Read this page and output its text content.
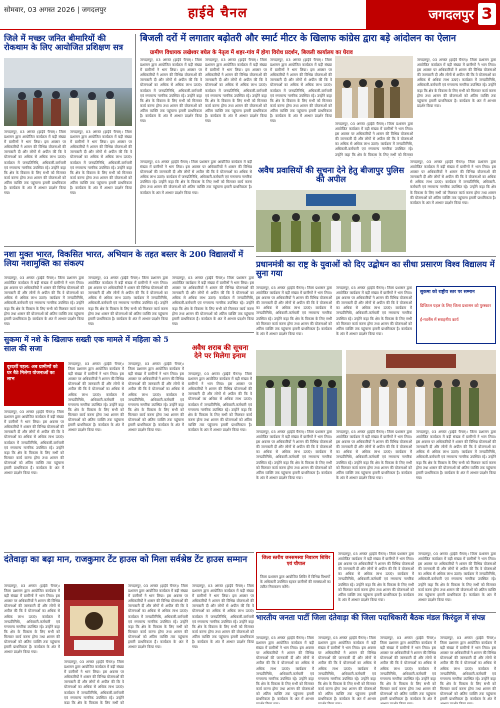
सोमवार, 03 अगस्त 2026 | जगदलपुर	हाईवे चैनल	जगदलपुर 3
जिले में मच्छर जनित बीमारियों की रोकथाम के लिए आयोजित प्रशिक्षण सत्र
जगदलपुर, 03 अगस्त (हाईवे चैनल)। जिला प्रशासन द्वारा आयोजित कार्यक्रम में बड़ी संख्या में ग्रामीणों ने भाग लिया। इस अवसर पर अधिकारियों ने शासन की विभिन्न योजनाओं की जानकारी दी और लोगों से अपील की कि वे योजनाओं का अधिक से अधिक लाभ उठाएं। कार्यक्रम में जनप्रतिनिधि, अधिकारी-कर्मचारी एवं गणमान्य नागरिक उपस्थित रहे। उन्होंने कहा कि क्षेत्र के विकास के लिए सभी को मिलकर कार्य करना होगा तथा शासन की योजनाओं को अंतिम व्यक्ति तक पहुंचाना हमारी प्राथमिकता है। कार्यक्रम के अंत में आभार प्रदर्शन किया गया।
जगदलपुर, 03 अगस्त (हाईवे चैनल)। जिला प्रशासन द्वारा आयोजित कार्यक्रम में बड़ी संख्या में ग्रामीणों ने भाग लिया। इस अवसर पर अधिकारियों ने शासन की विभिन्न योजनाओं की जानकारी दी और लोगों से अपील की कि वे योजनाओं का अधिक से अधिक लाभ उठाएं। कार्यक्रम में जनप्रतिनिधि, अधिकारी-कर्मचारी एवं गणमान्य नागरिक उपस्थित रहे। उन्होंने कहा कि क्षेत्र के विकास के लिए सभी को मिलकर कार्य करना होगा तथा शासन की योजनाओं को अंतिम व्यक्ति तक पहुंचाना हमारी प्राथमिकता है। कार्यक्रम के अंत में आभार प्रदर्शन किया गया।
बिजली दरों में लगातार बढ़ोतरी और स्मार्ट मीटर के खिलाफ कांग्रेस द्वारा बड़े आंदोलन का ऐलान
ग्रामीण विधायक लखेश्वर बघेल के नेतृत्व में शहर-गांव में होगा विरोध प्रदर्शन, बिजली कार्यालय का घेराव
जगदलपुर, 03 अगस्त (हाईवे चैनल)। जिला प्रशासन द्वारा आयोजित कार्यक्रम में बड़ी संख्या में ग्रामीणों ने भाग लिया। इस अवसर पर अधिकारियों ने शासन की विभिन्न योजनाओं की जानकारी दी और लोगों से अपील की कि वे योजनाओं का अधिक से अधिक लाभ उठाएं। कार्यक्रम में जनप्रतिनिधि, अधिकारी-कर्मचारी एवं गणमान्य नागरिक उपस्थित रहे। उन्होंने कहा कि क्षेत्र के विकास के लिए सभी को मिलकर कार्य करना होगा तथा शासन की योजनाओं को अंतिम व्यक्ति तक पहुंचाना हमारी प्राथमिकता है। कार्यक्रम के अंत में आभार प्रदर्शन किया गया।
जगदलपुर, 03 अगस्त (हाईवे चैनल)। जिला प्रशासन द्वारा आयोजित कार्यक्रम में बड़ी संख्या में ग्रामीणों ने भाग लिया। इस अवसर पर अधिकारियों ने शासन की विभिन्न योजनाओं की जानकारी दी और लोगों से अपील की कि वे योजनाओं का अधिक से अधिक लाभ उठाएं। कार्यक्रम में जनप्रतिनिधि, अधिकारी-कर्मचारी एवं गणमान्य नागरिक उपस्थित रहे। उन्होंने कहा कि क्षेत्र के विकास के लिए सभी को मिलकर कार्य करना होगा तथा शासन की योजनाओं को अंतिम व्यक्ति तक पहुंचाना हमारी प्राथमिकता है। कार्यक्रम के अंत में आभार प्रदर्शन किया गया।
जगदलपुर, 03 अगस्त (हाईवे चैनल)। जिला प्रशासन द्वारा आयोजित कार्यक्रम में बड़ी संख्या में ग्रामीणों ने भाग लिया। इस अवसर पर अधिकारियों ने शासन की विभिन्न योजनाओं की जानकारी दी और लोगों से अपील की कि वे योजनाओं का अधिक से अधिक लाभ उठाएं। कार्यक्रम में जनप्रतिनिधि, अधिकारी-कर्मचारी एवं गणमान्य नागरिक उपस्थित रहे। उन्होंने कहा कि क्षेत्र के विकास के लिए सभी को मिलकर कार्य करना होगा तथा शासन की योजनाओं को अंतिम व्यक्ति तक पहुंचाना हमारी प्राथमिकता है। कार्यक्रम के अंत में आभार प्रदर्शन किया गया।
जगदलपुर, 03 अगस्त (हाईवे चैनल)। जिला प्रशासन द्वारा आयोजित कार्यक्रम में बड़ी संख्या में ग्रामीणों ने भाग लिया। इस अवसर पर अधिकारियों ने शासन की विभिन्न योजनाओं की जानकारी दी और लोगों से अपील की कि वे योजनाओं का अधिक से अधिक लाभ उठाएं। कार्यक्रम में जनप्रतिनिधि, अधिकारी-कर्मचारी एवं गणमान्य नागरिक उपस्थित रहे। उन्होंने कहा कि क्षेत्र के विकास के लिए सभी को मिलकर कार्य करना होगा तथा शासन की योजनाओं को अंतिम व्यक्ति तक पहुंचाना हमारी प्राथमिकता है। कार्यक्रम के अंत में आभार प्रदर्शन किया गया।
जगदलपुर, 03 अगस्त (हाईवे चैनल)। जिला प्रशासन द्वारा आयोजित कार्यक्रम में बड़ी संख्या में ग्रामीणों ने भाग लिया। इस अवसर पर अधिकारियों ने शासन की विभिन्न योजनाओं की जानकारी दी और लोगों से अपील की कि वे योजनाओं का अधिक से अधिक लाभ उठाएं। कार्यक्रम में जनप्रतिनिधि, अधिकारी-कर्मचारी एवं गणमान्य नागरिक उपस्थित रहे। उन्होंने कहा कि क्षेत्र के विकास के लिए सभी को मिलकर
अवैध प्रवासियों की सूचना देने हेतु बीजापुर पुलिस की अपील
जगदलपुर, 03 अगस्त (हाईवे चैनल)। जिला प्रशासन द्वारा आयोजित कार्यक्रम में बड़ी संख्या में ग्रामीणों ने भाग लिया। इस अवसर पर अधिकारियों ने शासन की विभिन्न योजनाओं की जानकारी दी और लोगों से अपील की कि वे योजनाओं का अधिक से अधिक लाभ उठाएं। कार्यक्रम में जनप्रतिनिधि, अधिकारी-कर्मचारी एवं गणमान्य नागरिक उपस्थित रहे। उन्होंने कहा कि क्षेत्र के विकास के लिए सभी को मिलकर कार्य करना होगा तथा शासन की योजनाओं को अंतिम व्यक्ति तक पहुंचाना हमारी प्राथमिकता है। कार्यक्रम के अंत में आभार प्रदर्शन किया गया।
जगदलपुर, 03 अगस्त (हाईवे चैनल)। जिला प्रशासन द्वारा आयोजित कार्यक्रम में बड़ी संख्या में ग्रामीणों ने भाग लिया। इस अवसर पर अधिकारियों ने शासन की विभिन्न योजनाओं की जानकारी दी और लोगों से अपील की कि वे योजनाओं का अधिक से अधिक लाभ उठाएं। कार्यक्रम में जनप्रतिनिधि, अधिकारी-कर्मचारी एवं गणमान्य नागरिक उपस्थित रहे। उन्होंने कहा कि क्षेत्र के विकास के लिए सभी को मिलकर कार्य करना होगा तथा शासन की योजनाओं को अंतिम व्यक्ति तक पहुंचाना हमारी प्राथमिकता है। कार्यक्रम के अंत में आभार प्रदर्शन किया गया।
नशा मुक्त भारत, विकसित भारत, अभियान के तहत बस्तर के 200 विद्यालयों में लिया नशामुक्ति का संकल्प
जगदलपुर, 03 अगस्त (हाईवे चैनल)। जिला प्रशासन द्वारा आयोजित कार्यक्रम में बड़ी संख्या में ग्रामीणों ने भाग लिया। इस अवसर पर अधिकारियों ने शासन की विभिन्न योजनाओं की जानकारी दी और लोगों से अपील की कि वे योजनाओं का अधिक से अधिक लाभ उठाएं। कार्यक्रम में जनप्रतिनिधि, अधिकारी-कर्मचारी एवं गणमान्य नागरिक उपस्थित रहे। उन्होंने कहा कि क्षेत्र के विकास के लिए सभी को मिलकर कार्य करना होगा तथा शासन की योजनाओं को अंतिम व्यक्ति तक पहुंचाना हमारी प्राथमिकता है। कार्यक्रम के अंत में आभार प्रदर्शन किया गया।
जगदलपुर, 03 अगस्त (हाईवे चैनल)। जिला प्रशासन द्वारा आयोजित कार्यक्रम में बड़ी संख्या में ग्रामीणों ने भाग लिया। इस अवसर पर अधिकारियों ने शासन की विभिन्न योजनाओं की जानकारी दी और लोगों से अपील की कि वे योजनाओं का अधिक से अधिक लाभ उठाएं। कार्यक्रम में जनप्रतिनिधि, अधिकारी-कर्मचारी एवं गणमान्य नागरिक उपस्थित रहे। उन्होंने कहा कि क्षेत्र के विकास के लिए सभी को मिलकर कार्य करना होगा तथा शासन की योजनाओं को अंतिम व्यक्ति तक पहुंचाना हमारी प्राथमिकता है। कार्यक्रम के अंत में आभार प्रदर्शन किया गया।
जगदलपुर, 03 अगस्त (हाईवे चैनल)। जिला प्रशासन द्वारा आयोजित कार्यक्रम में बड़ी संख्या में ग्रामीणों ने भाग लिया। इस अवसर पर अधिकारियों ने शासन की विभिन्न योजनाओं की जानकारी दी और लोगों से अपील की कि वे योजनाओं का अधिक से अधिक लाभ उठाएं। कार्यक्रम में जनप्रतिनिधि, अधिकारी-कर्मचारी एवं गणमान्य नागरिक उपस्थित रहे। उन्होंने कहा कि क्षेत्र के विकास के लिए सभी को मिलकर कार्य करना होगा तथा शासन की योजनाओं को अंतिम व्यक्ति तक पहुंचाना हमारी प्राथमिकता है। कार्यक्रम के अंत में आभार प्रदर्शन किया गया।
प्रधानमंत्री का राष्ट्र के युवाओं को दिए उद्बोधन का सीधा प्रसारण विश्व विद्यालय में सुना गया
जगदलपुर, 03 अगस्त (हाईवे चैनल)। जिला प्रशासन द्वारा आयोजित कार्यक्रम में बड़ी संख्या में ग्रामीणों ने भाग लिया। इस अवसर पर अधिकारियों ने शासन की विभिन्न योजनाओं की जानकारी दी और लोगों से अपील की कि वे योजनाओं का अधिक से अधिक लाभ उठाएं। कार्यक्रम में जनप्रतिनिधि, अधिकारी-कर्मचारी एवं गणमान्य नागरिक उपस्थित रहे। उन्होंने कहा कि क्षेत्र के विकास के लिए सभी को मिलकर कार्य करना होगा तथा शासन की योजनाओं को अंतिम व्यक्ति तक पहुंचाना हमारी प्राथमिकता है। कार्यक्रम के अंत में आभार प्रदर्शन किया गया।
जगदलपुर, 03 अगस्त (हाईवे चैनल)। जिला प्रशासन द्वारा आयोजित कार्यक्रम में बड़ी संख्या में ग्रामीणों ने भाग लिया। इस अवसर पर अधिकारियों ने शासन की विभिन्न योजनाओं की जानकारी दी और लोगों से अपील की कि वे योजनाओं का अधिक से अधिक लाभ उठाएं। कार्यक्रम में जनप्रतिनिधि, अधिकारी-कर्मचारी एवं गणमान्य नागरिक उपस्थित रहे। उन्होंने कहा कि क्षेत्र के विकास के लिए सभी को मिलकर कार्य करना होगा तथा शासन की योजनाओं को अंतिम व्यक्ति तक पहुंचाना हमारी प्राथमिकता है। कार्यक्रम के अंत में आभार प्रदर्शन किया गया।
सुकमा को राष्ट्रीय स्तर पर सम्मान
डिजिटल पहल के लिए जिला प्रशासन को पुरस्कार
ई-गवर्नेंस में सराहनीय कार्य
जगदलपुर, 03 अगस्त (हाईवे चैनल)। जिला प्रशासन द्वारा आयोजित कार्यक्रम में बड़ी संख्या में ग्रामीणों ने भाग लिया। इस अवसर पर अधिकारियों ने शासन की विभिन्न योजनाओं की जानकारी दी और लोगों से अपील की कि वे योजनाओं का अधिक से अधिक लाभ उठाएं। कार्यक्रम में जनप्रतिनिधि, अधिकारी-कर्मचारी एवं गणमान्य नागरिक उपस्थित रहे। उन्होंने कहा कि क्षेत्र के विकास के लिए सभी को मिलकर कार्य करना होगा तथा शासन की योजनाओं को अंतिम व्यक्ति तक पहुंचाना हमारी प्राथमिकता है। कार्यक्रम के अंत में आभार प्रदर्शन किया गया।
जगदलपुर, 03 अगस्त (हाईवे चैनल)। जिला प्रशासन द्वारा आयोजित कार्यक्रम में बड़ी संख्या में ग्रामीणों ने भाग लिया। इस अवसर पर अधिकारियों ने शासन की विभिन्न योजनाओं की जानकारी दी और लोगों से अपील की कि वे योजनाओं का अधिक से अधिक लाभ उठाएं। कार्यक्रम में जनप्रतिनिधि, अधिकारी-कर्मचारी एवं गणमान्य नागरिक उपस्थित रहे। उन्होंने कहा कि क्षेत्र के विकास के लिए सभी को मिलकर कार्य करना होगा तथा शासन की योजनाओं को अंतिम व्यक्ति तक पहुंचाना हमारी प्राथमिकता है। कार्यक्रम के अंत में आभार प्रदर्शन किया गया।
जगदलपुर, 03 अगस्त (हाईवे चैनल)। जिला प्रशासन द्वारा आयोजित कार्यक्रम में बड़ी संख्या में ग्रामीणों ने भाग लिया। इस अवसर पर अधिकारियों ने शासन की विभिन्न योजनाओं की जानकारी दी और लोगों से अपील की कि वे योजनाओं का अधिक से अधिक लाभ उठाएं। कार्यक्रम में जनप्रतिनिधि, अधिकारी-कर्मचारी एवं गणमान्य नागरिक उपस्थित रहे। उन्होंने कहा कि क्षेत्र के विकास के लिए सभी को मिलकर कार्य करना होगा तथा शासन की योजनाओं को अंतिम व्यक्ति तक पहुंचाना हमारी प्राथमिकता है। कार्यक्रम के अंत में आभार प्रदर्शन किया गया।
सुकमा में नशे के खिलाफ सख्ती एक मामले में महिला को 5 साल की सजा
दूरदर्शी पहल: अब ग्रामीणों को घर बैठे मिलेगा योजनाओं का लाभ
जगदलपुर, 03 अगस्त (हाईवे चैनल)। जिला प्रशासन द्वारा आयोजित कार्यक्रम में बड़ी संख्या में ग्रामीणों ने भाग लिया। इस अवसर पर अधिकारियों ने शासन की विभिन्न योजनाओं की जानकारी दी और लोगों से अपील की कि वे योजनाओं का अधिक से अधिक लाभ उठाएं। कार्यक्रम में जनप्रतिनिधि, अधिकारी-कर्मचारी एवं गणमान्य नागरिक उपस्थित रहे। उन्होंने कहा कि क्षेत्र के विकास के लिए सभी को मिलकर कार्य करना होगा तथा शासन की योजनाओं को अंतिम व्यक्ति तक पहुंचाना हमारी प्राथमिकता है। कार्यक्रम के अंत में आभार प्रदर्शन किया गया।
जगदलपुर, 03 अगस्त (हाईवे चैनल)। जिला प्रशासन द्वारा आयोजित कार्यक्रम में बड़ी संख्या में ग्रामीणों ने भाग लिया। इस अवसर पर अधिकारियों ने शासन की विभिन्न योजनाओं की जानकारी दी और लोगों से अपील की कि वे योजनाओं का अधिक से अधिक लाभ उठाएं। कार्यक्रम में जनप्रतिनिधि, अधिकारी-कर्मचारी एवं गणमान्य नागरिक उपस्थित रहे। उन्होंने कहा कि क्षेत्र के विकास के लिए सभी को मिलकर कार्य करना होगा तथा शासन की योजनाओं को अंतिम व्यक्ति तक पहुंचाना हमारी प्राथमिकता है। कार्यक्रम के अंत में आभार प्रदर्शन किया गया।
जगदलपुर, 03 अगस्त (हाईवे चैनल)। जिला प्रशासन द्वारा आयोजित कार्यक्रम में बड़ी संख्या में ग्रामीणों ने भाग लिया। इस अवसर पर अधिकारियों ने शासन की विभिन्न योजनाओं की जानकारी दी और लोगों से अपील की कि वे योजनाओं का अधिक से अधिक लाभ उठाएं। कार्यक्रम में जनप्रतिनिधि, अधिकारी-कर्मचारी एवं गणमान्य नागरिक उपस्थित रहे। उन्होंने कहा कि क्षेत्र के विकास के लिए सभी को मिलकर कार्य करना होगा तथा शासन की योजनाओं को अंतिम व्यक्ति तक पहुंचाना हमारी प्राथमिकता है। कार्यक्रम के अंत में आभार प्रदर्शन किया गया।
अवैध शराब की सूचना देने पर मिलेगा इनाम
जगदलपुर, 03 अगस्त (हाईवे चैनल)। जिला प्रशासन द्वारा आयोजित कार्यक्रम में बड़ी संख्या में ग्रामीणों ने भाग लिया। इस अवसर पर अधिकारियों ने शासन की विभिन्न योजनाओं की जानकारी दी और लोगों से अपील की कि वे योजनाओं का अधिक से अधिक लाभ उठाएं। कार्यक्रम में जनप्रतिनिधि, अधिकारी-कर्मचारी एवं गणमान्य नागरिक उपस्थित रहे। उन्होंने कहा कि क्षेत्र के विकास के लिए सभी को मिलकर कार्य करना होगा तथा शासन की योजनाओं को अंतिम व्यक्ति तक पहुंचाना हमारी प्राथमिकता है। कार्यक्रम के अंत में आभार प्रदर्शन किया गया।
जिला स्तरीय जनसमस्या निवारण शिविर एवं चौपाल
जिला प्रशासन द्वारा आयोजित शिविर में विभिन्न विभागों के अधिकारी उपस्थित रहकर ग्रामीणों की समस्याओं का त्वरित निराकरण करेंगे।
जगदलपुर, 03 अगस्त (हाईवे चैनल)। जिला प्रशासन द्वारा आयोजित कार्यक्रम में बड़ी संख्या में ग्रामीणों ने भाग लिया। इस अवसर पर अधिकारियों ने शासन की विभिन्न योजनाओं की जानकारी दी और लोगों से अपील की कि वे योजनाओं का अधिक से अधिक लाभ उठाएं। कार्यक्रम में जनप्रतिनिधि, अधिकारी-कर्मचारी एवं गणमान्य नागरिक उपस्थित रहे। उन्होंने कहा कि क्षेत्र के विकास के लिए सभी को मिलकर कार्य करना होगा तथा शासन की योजनाओं को अंतिम व्यक्ति तक पहुंचाना हमारी प्राथमिकता है। कार्यक्रम के अंत में आभार प्रदर्शन किया गया।
जगदलपुर, 03 अगस्त (हाईवे चैनल)। जिला प्रशासन द्वारा आयोजित कार्यक्रम में बड़ी संख्या में ग्रामीणों ने भाग लिया। इस अवसर पर अधिकारियों ने शासन की विभिन्न योजनाओं की जानकारी दी और लोगों से अपील की कि वे योजनाओं का अधिक से अधिक लाभ उठाएं। कार्यक्रम में जनप्रतिनिधि, अधिकारी-कर्मचारी एवं गणमान्य नागरिक उपस्थित रहे। उन्होंने कहा कि क्षेत्र के विकास के लिए सभी को मिलकर कार्य करना होगा तथा शासन की योजनाओं को अंतिम व्यक्ति तक पहुंचाना हमारी प्राथमिकता है। कार्यक्रम के अंत में आभार प्रदर्शन किया गया।
दंतेवाड़ा का बढ़ा मान, राजकुमार टेंट हाउस को मिला सर्वश्रेष्ठ टेंट हाउस सम्मान
जगदलपुर, 03 अगस्त (हाईवे चैनल)। जिला प्रशासन द्वारा आयोजित कार्यक्रम में बड़ी संख्या में ग्रामीणों ने भाग लिया। इस अवसर पर अधिकारियों ने शासन की विभिन्न योजनाओं की जानकारी दी और लोगों से अपील की कि वे योजनाओं का अधिक से अधिक लाभ उठाएं। कार्यक्रम में जनप्रतिनिधि, अधिकारी-कर्मचारी एवं गणमान्य नागरिक उपस्थित रहे। उन्होंने कहा कि क्षेत्र के विकास के लिए सभी को मिलकर कार्य करना होगा तथा शासन की योजनाओं को अंतिम व्यक्ति तक पहुंचाना हमारी प्राथमिकता है। कार्यक्रम के अंत में आभार प्रदर्शन किया गया।
जगदलपुर, 03 अगस्त (हाईवे चैनल)। जिला प्रशासन द्वारा आयोजित कार्यक्रम में बड़ी संख्या में ग्रामीणों ने भाग लिया। इस अवसर पर अधिकारियों ने शासन की विभिन्न योजनाओं की जानकारी दी और लोगों से अपील की कि वे योजनाओं का अधिक से अधिक लाभ उठाएं। कार्यक्रम में जनप्रतिनिधि, अधिकारी-कर्मचारी एवं गणमान्य नागरिक उपस्थित रहे। उन्होंने कहा कि क्षेत्र के विकास के लिए सभी को
जगदलपुर, 03 अगस्त (हाईवे चैनल)। जिला प्रशासन द्वारा आयोजित कार्यक्रम में बड़ी संख्या में ग्रामीणों ने भाग लिया। इस अवसर पर अधिकारियों ने शासन की विभिन्न योजनाओं की जानकारी दी और लोगों से अपील की कि वे योजनाओं का अधिक से अधिक लाभ उठाएं। कार्यक्रम में जनप्रतिनिधि, अधिकारी-कर्मचारी एवं गणमान्य नागरिक उपस्थित रहे। उन्होंने कहा कि क्षेत्र के विकास के लिए सभी को मिलकर कार्य करना होगा तथा शासन की योजनाओं को अंतिम व्यक्ति तक पहुंचाना हमारी प्राथमिकता है। कार्यक्रम के अंत में आभार प्रदर्शन किया गया।
जगदलपुर, 03 अगस्त (हाईवे चैनल)। जिला प्रशासन द्वारा आयोजित कार्यक्रम में बड़ी संख्या में ग्रामीणों ने भाग लिया। इस अवसर पर अधिकारियों ने शासन की विभिन्न योजनाओं की जानकारी दी और लोगों से अपील की कि वे योजनाओं का अधिक से अधिक लाभ उठाएं। कार्यक्रम में जनप्रतिनिधि, अधिकारी-कर्मचारी एवं गणमान्य नागरिक उपस्थित रहे। उन्होंने कहा कि क्षेत्र के विकास के लिए सभी को मिलकर कार्य करना होगा तथा शासन की योजनाओं को अंतिम व्यक्ति तक पहुंचाना हमारी प्राथमिकता है। कार्यक्रम के अंत में आभार प्रदर्शन किया गया।
भारतीय जनता पार्टी जिला दंतेवाड़ा की जिला पदाधिकारी बैठक मंडल किरंदुल में संपन्न
जगदलपुर, 03 अगस्त (हाईवे चैनल)। जिला प्रशासन द्वारा आयोजित कार्यक्रम में बड़ी संख्या में ग्रामीणों ने भाग लिया। इस अवसर पर अधिकारियों ने शासन की विभिन्न योजनाओं की जानकारी दी और लोगों से अपील की कि वे योजनाओं का अधिक से अधिक लाभ उठाएं। कार्यक्रम में जनप्रतिनिधि, अधिकारी-कर्मचारी एवं गणमान्य नागरिक उपस्थित रहे। उन्होंने कहा कि क्षेत्र के विकास के लिए सभी को मिलकर कार्य करना होगा तथा शासन की योजनाओं को अंतिम व्यक्ति तक पहुंचाना हमारी प्राथमिकता है। कार्यक्रम के अंत में आभार
जगदलपुर, 03 अगस्त (हाईवे चैनल)। जिला प्रशासन द्वारा आयोजित कार्यक्रम में बड़ी संख्या में ग्रामीणों ने भाग लिया। इस अवसर पर अधिकारियों ने शासन की विभिन्न योजनाओं की जानकारी दी और लोगों से अपील की कि वे योजनाओं का अधिक से अधिक लाभ उठाएं। कार्यक्रम में जनप्रतिनिधि, अधिकारी-कर्मचारी एवं गणमान्य नागरिक उपस्थित रहे। उन्होंने कहा कि क्षेत्र के विकास के लिए सभी को मिलकर कार्य करना होगा तथा शासन की योजनाओं को अंतिम व्यक्ति तक पहुंचाना हमारी प्राथमिकता है। कार्यक्रम के अंत में आभार
जगदलपुर, 03 अगस्त (हाईवे चैनल)। जिला प्रशासन द्वारा आयोजित कार्यक्रम में बड़ी संख्या में ग्रामीणों ने भाग लिया। इस अवसर पर अधिकारियों ने शासन की विभिन्न योजनाओं की जानकारी दी और लोगों से अपील की कि वे योजनाओं का अधिक से अधिक लाभ उठाएं। कार्यक्रम में जनप्रतिनिधि, अधिकारी-कर्मचारी एवं गणमान्य नागरिक उपस्थित रहे। उन्होंने कहा कि क्षेत्र के विकास के लिए सभी को मिलकर कार्य करना होगा तथा शासन की योजनाओं को अंतिम व्यक्ति तक पहुंचाना हमारी प्राथमिकता है। कार्यक्रम के अंत में
जगदलपुर, 03 अगस्त (हाईवे चैनल)। जिला प्रशासन द्वारा आयोजित कार्यक्रम में बड़ी संख्या में ग्रामीणों ने भाग लिया। इस अवसर पर अधिकारियों ने शासन की विभिन्न योजनाओं की जानकारी दी और लोगों से अपील की कि वे योजनाओं का अधिक से अधिक लाभ उठाएं। कार्यक्रम में जनप्रतिनिधि, अधिकारी-कर्मचारी एवं गणमान्य नागरिक उपस्थित रहे। उन्होंने कहा कि क्षेत्र के विकास के लिए सभी को मिलकर कार्य करना होगा तथा शासन की योजनाओं को अंतिम व्यक्ति तक पहुंचाना हमारी प्राथमिकता है। कार्यक्रम के अंत में
